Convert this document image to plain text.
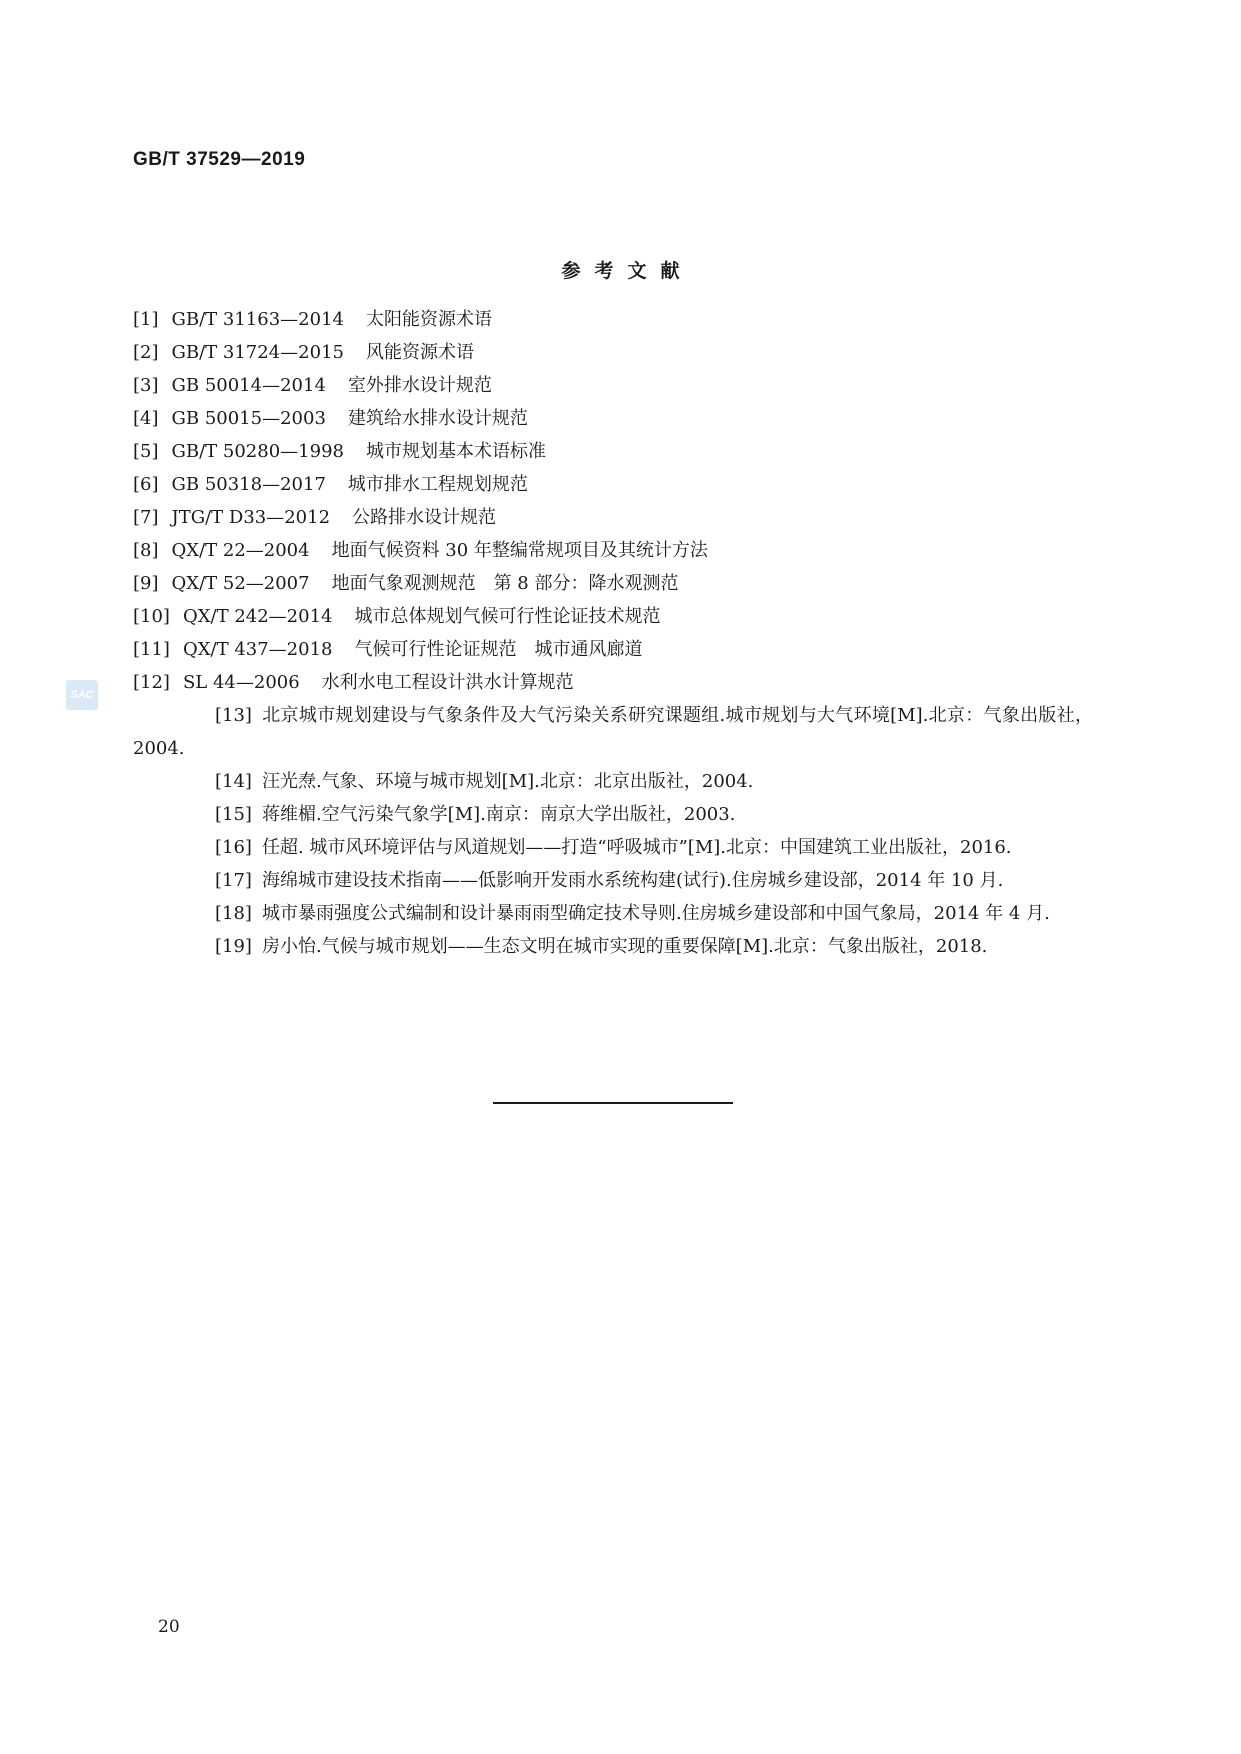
GB/T 37529—2019
参考文献
[1] GB/T 31163—2014 太阳能资源术语
[2] GB/T 31724—2015 风能资源术语
[3] GB 50014—2014 室外排水设计规范
[4] GB 50015—2003 建筑给水排水设计规范
[5] GB/T 50280—1998 城市规划基本术语标准
[6] GB 50318—2017 城市排水工程规划规范
[7] JTG/T D33—2012 公路排水设计规范
[8] QX/T 22—2004 地面气候资料 30 年整编常规项目及其统计方法
[9] QX/T 52—2007 地面气象观测规范　第 8 部分：降水观测范
[10] QX/T 242—2014 城市总体规划气候可行性论证技术规范
[11] QX/T 437—2018 气候可行性论证规范　城市通风廊道
[12] SL 44—2006 水利水电工程设计洪水计算规范
[13] 北京城市规划建设与气象条件及大气污染关系研究课题组.城市规划与大气环境[M].北京：气象出版社，2004.
[14] 汪光焘.气象、环境与城市规划[M].北京：北京出版社，2004.
[15] 蒋维楣.空气污染气象学[M].南京：南京大学出版社，2003.
[16] 任超. 城市风环境评估与风道规划——打造“呼吸城市”[M].北京：中国建筑工业出版社，2016.
[17] 海绵城市建设技术指南——低影响开发雨水系统构建(试行).住房城乡建设部，2014 年 10 月.
[18] 城市暴雨强度公式编制和设计暴雨雨型确定技术导则.住房城乡建设部和中国气象局，2014 年 4 月.
[19] 房小怡.气候与城市规划——生态文明在城市实现的重要保障[M].北京：气象出版社，2018.
SAC
20
